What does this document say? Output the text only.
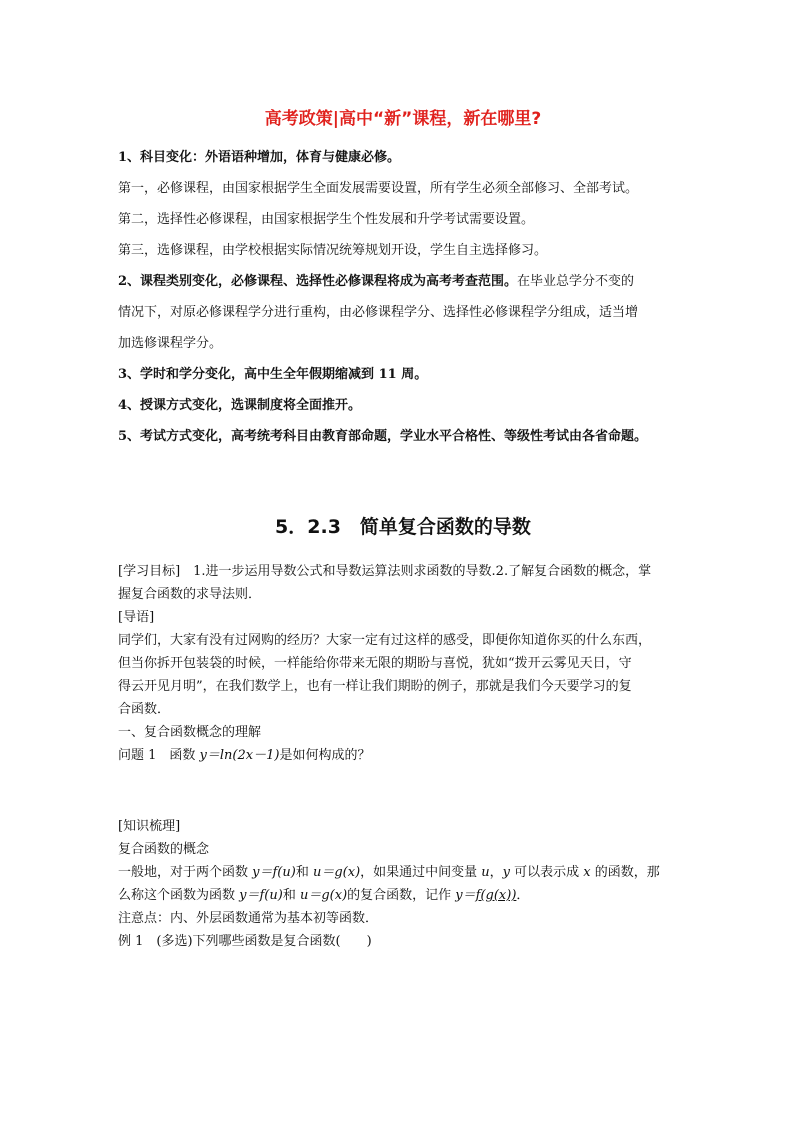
高考政策|高中“新”课程，新在哪里?

1、科目变化：外语语种增加，体育与健康必修。

第一，必修课程，由国家根据学生全面发展需要设置，所有学生必须全部修习、全部考试。

第二，选择性必修课程，由国家根据学生个性发展和升学考试需要设置。

第三，选修课程，由学校根据实际情况统筹规划开设，学生自主选择修习。

2、课程类别变化，必修课程、选择性必修课程将成为高考考查范围。在毕业总学分不变的

情况下，对原必修课程学分进行重构，由必修课程学分、选择性必修课程学分组成，适当增

加选修课程学分。

3、学时和学分变化，高中生全年假期缩减到 11 周。

4、授课方式变化，选课制度将全面推开。

5、考试方式变化，高考统考科目由教育部命题，学业水平合格性、等级性考试由各省命题。

5．2.3　简单复合函数的导数

[学习目标]　1.进一步运用导数公式和导数运算法则求函数的导数.2.了解复合函数的概念，掌

握复合函数的求导法则．

[导语]

同学们，大家有没有过网购的经历？大家一定有过这样的感受，即便你知道你买的什么东西，

但当你拆开包装袋的时候，一样能给你带来无限的期盼与喜悦，犹如“拨开云雾见天日，守

得云开见月明”，在我们数学上，也有一样让我们期盼的例子，那就是我们今天要学习的复

合函数．

一、复合函数概念的理解

问题 1　函数 y＝ln(2x－1)是如何构成的？

[知识梳理]

复合函数的概念

一般地，对于两个函数 y＝f(u)和 u＝g(x)，如果通过中间变量 u，y 可以表示成 x 的函数，那

么称这个函数为函数 y＝f(u)和 u＝g(x)的复合函数，记作 y＝f(g(x))．

注意点：内、外层函数通常为基本初等函数．

例 1　(多选)下列哪些函数是复合函数(　　)
